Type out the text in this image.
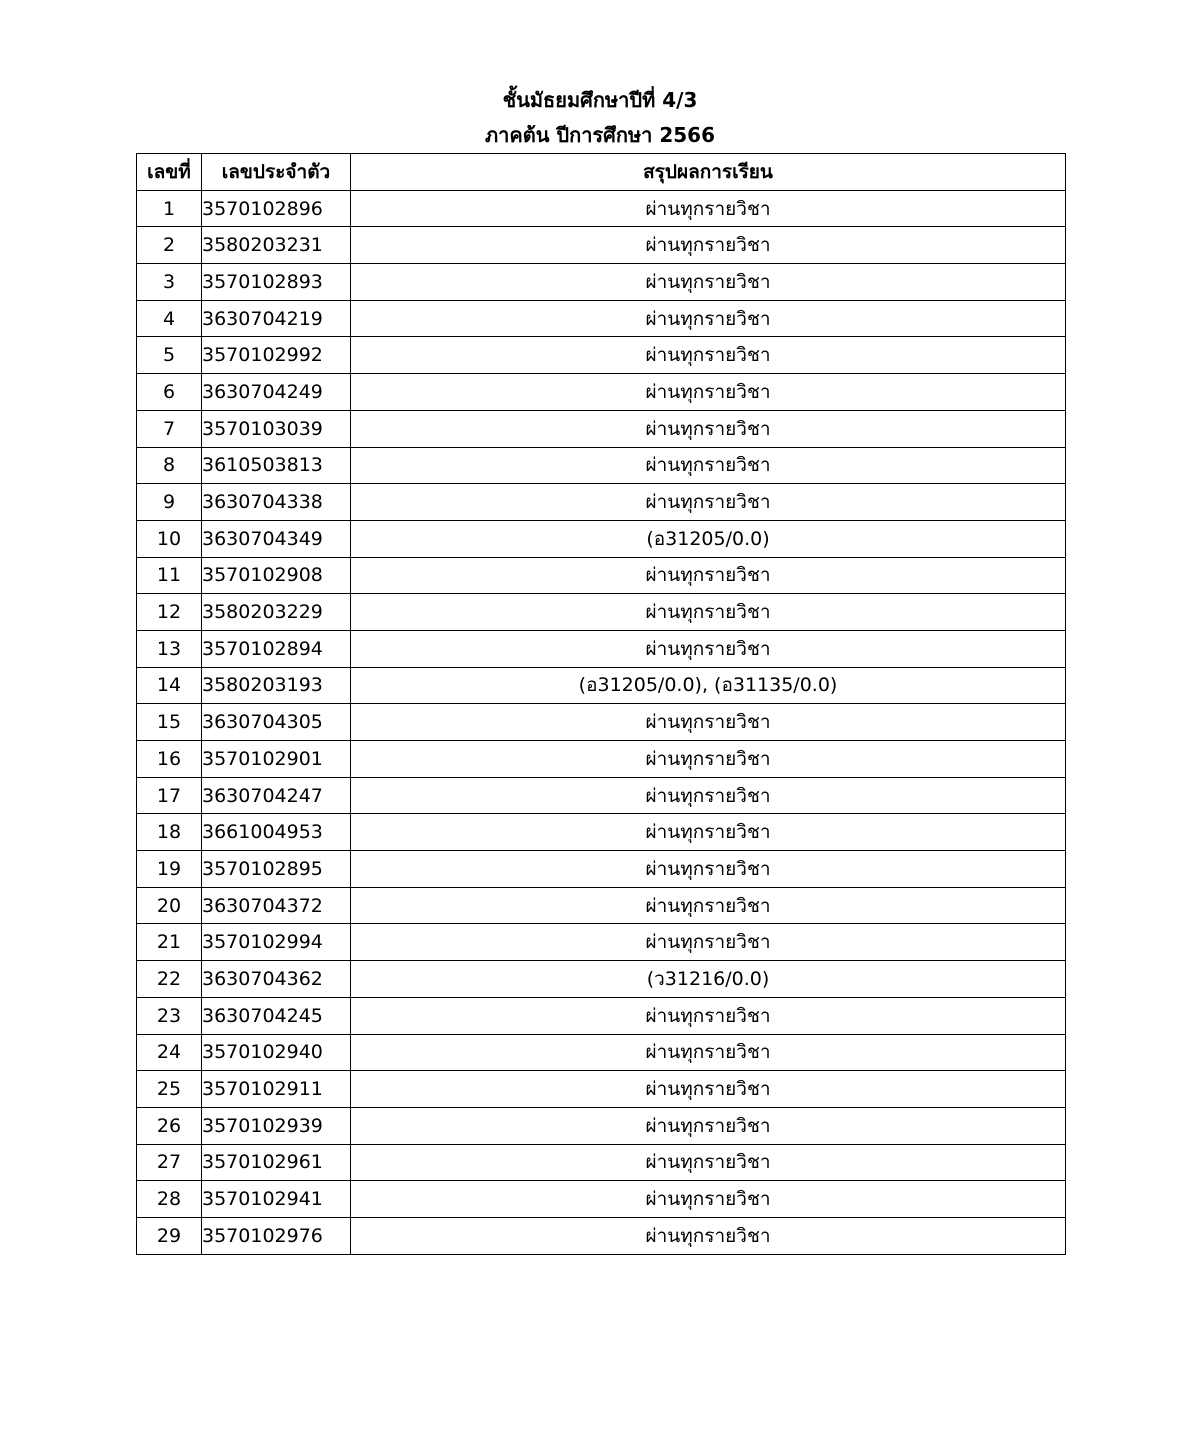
ชั้นมัธยมศึกษาปีที่ 4/3
ภาคต้น ปีการศึกษา 2566
เลขที่	เลขประจำตัว	สรุปผลการเรียน
1	3570102896	ผ่านทุกรายวิชา
2	3580203231	ผ่านทุกรายวิชา
3	3570102893	ผ่านทุกรายวิชา
4	3630704219	ผ่านทุกรายวิชา
5	3570102992	ผ่านทุกรายวิชา
6	3630704249	ผ่านทุกรายวิชา
7	3570103039	ผ่านทุกรายวิชา
8	3610503813	ผ่านทุกรายวิชา
9	3630704338	ผ่านทุกรายวิชา
10	3630704349	(อ31205/0.0)
11	3570102908	ผ่านทุกรายวิชา
12	3580203229	ผ่านทุกรายวิชา
13	3570102894	ผ่านทุกรายวิชา
14	3580203193	(อ31205/0.0), (อ31135/0.0)
15	3630704305	ผ่านทุกรายวิชา
16	3570102901	ผ่านทุกรายวิชา
17	3630704247	ผ่านทุกรายวิชา
18	3661004953	ผ่านทุกรายวิชา
19	3570102895	ผ่านทุกรายวิชา
20	3630704372	ผ่านทุกรายวิชา
21	3570102994	ผ่านทุกรายวิชา
22	3630704362	(ว31216/0.0)
23	3630704245	ผ่านทุกรายวิชา
24	3570102940	ผ่านทุกรายวิชา
25	3570102911	ผ่านทุกรายวิชา
26	3570102939	ผ่านทุกรายวิชา
27	3570102961	ผ่านทุกรายวิชา
28	3570102941	ผ่านทุกรายวิชา
29	3570102976	ผ่านทุกรายวิชา
